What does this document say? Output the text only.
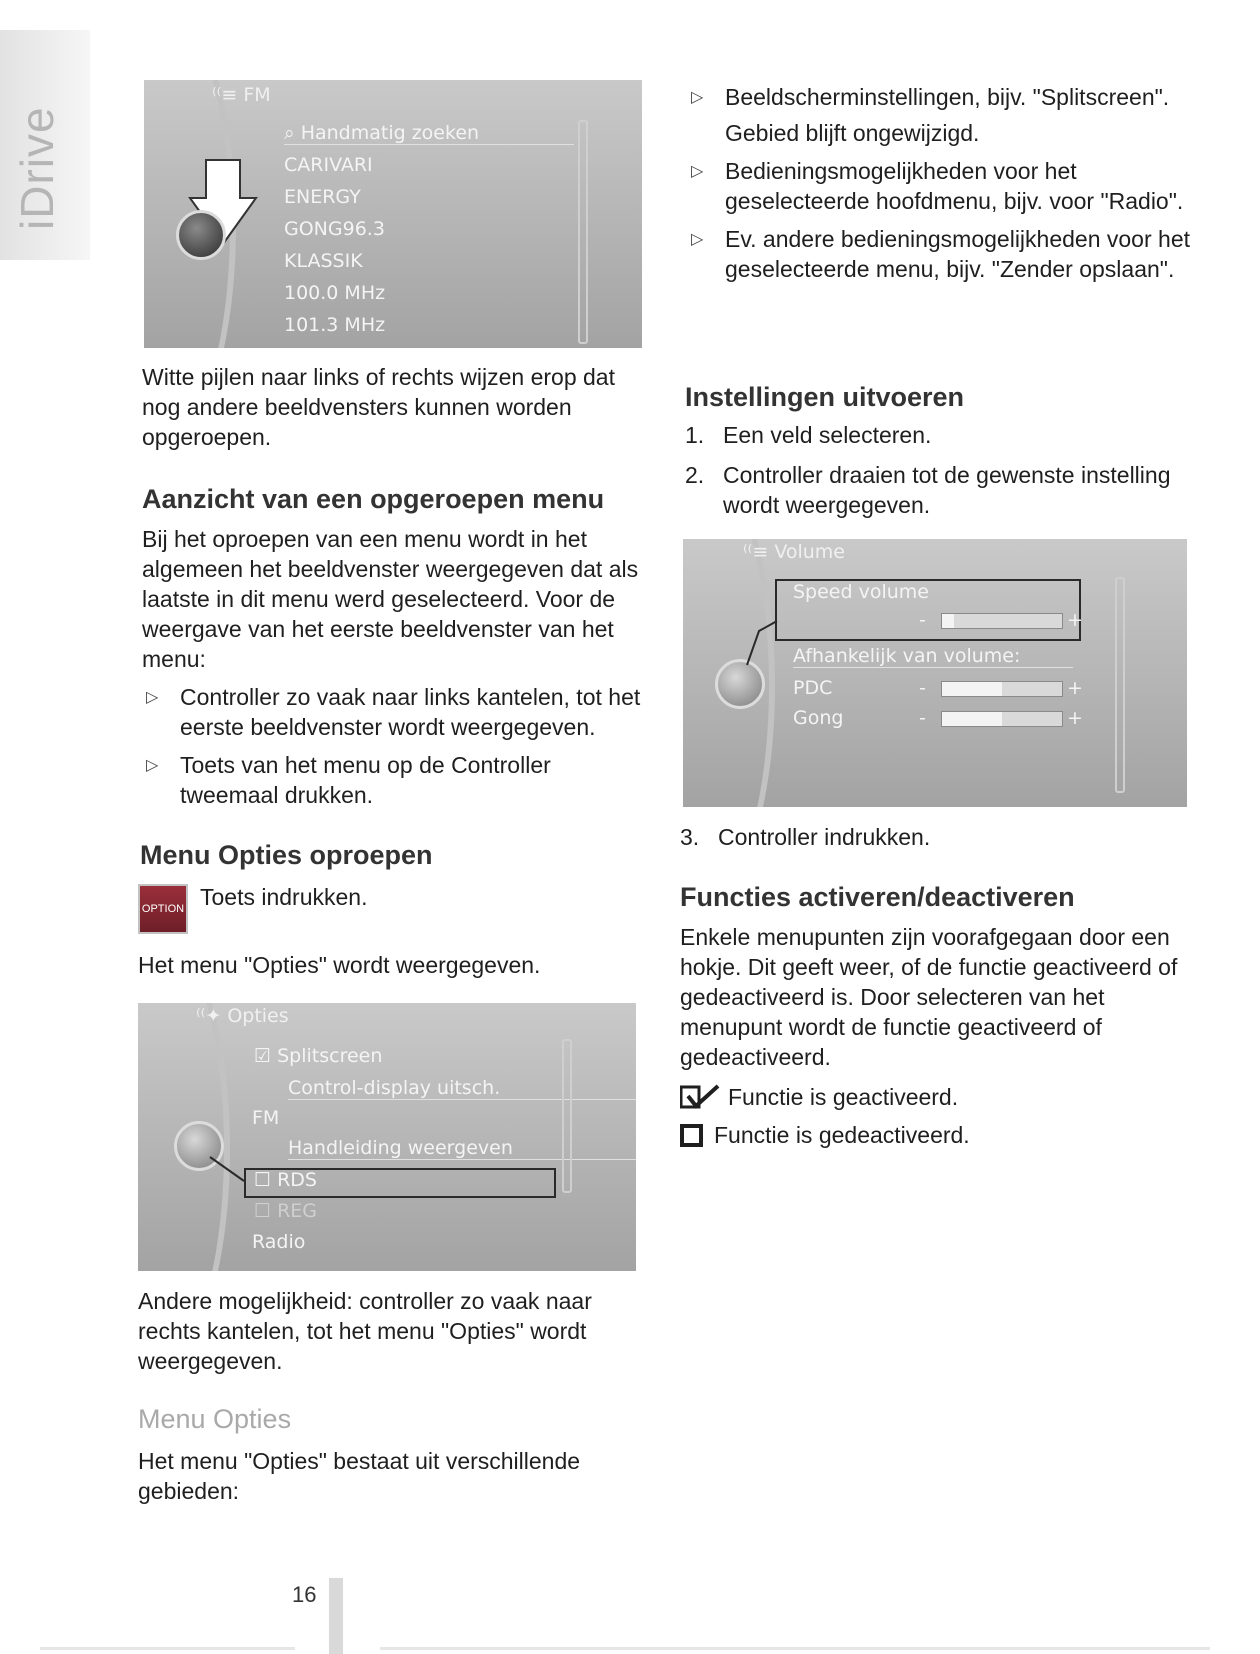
iDrive
⁽⁽≡ FM
⌕ Handmatig zoeken
CARIVARI
ENERGY
GONG96.3
KLASSIK
100.0 MHz
101.3 MHz

Witte pijlen naar links of rechts wijzen erop dat nog andere beeldvensters kunnen worden opgeroepen.

Aanzicht van een opgeroepen menu

Bij het oproepen van een menu wordt in het algemeen het beeldvenster weergegeven dat als laatste in dit menu werd geselecteerd. Voor de weergave van het eerste beeldvenster van het menu:

▷ Controller zo vaak naar links kantelen, tot het eerste beeldvenster wordt weergegeven.
▷ Toets van het menu op de Controller tweemaal drukken.
Menu Opties oproepen
OPTION Toets indrukken.

Het menu "Opties" wordt weergegeven.

⁽⁽✦ Opties
☑ Splitscreen
Control-display uitsch.
FM
Handleiding weergeven
☐ RDS
☐ REG
Radio

Andere mogelijkheid: controller zo vaak naar rechts kantelen, tot het menu "Opties" wordt weergegeven.

Menu Opties

Het menu "Opties" bestaat uit verschillende gebieden:

▷ Beeldscherminstellingen, bijv. "Splitscreen".

Gebied blijft ongewijzigd.

▷ Bedieningsmogelijkheden voor het geselecteerde hoofdmenu, bijv. voor "Radio".
▷ Ev. andere bedieningsmogelijkheden voor het geselecteerde menu, bijv. "Zender opslaan".
Instellingen uitvoeren
1. Een veld selecteren.
2. Controller draaien tot de gewenste instelling wordt weergegeven.
⁽⁽≡ Volume
Speed volume
-	+
Afhankelijk van volume:
PDC	-	+
Gong	-	+
3. Controller indrukken.
Functies activeren/deactiveren

Enkele menupunten zijn voorafgegaan door een hokje. Dit geeft weer, of de functie geactiveerd of gedeactiveerd is. Door selecteren van het menupunt wordt de functie geactiveerd of gedeactiveerd.

Functie is geactiveerd.
Functie is gedeactiveerd.
16
